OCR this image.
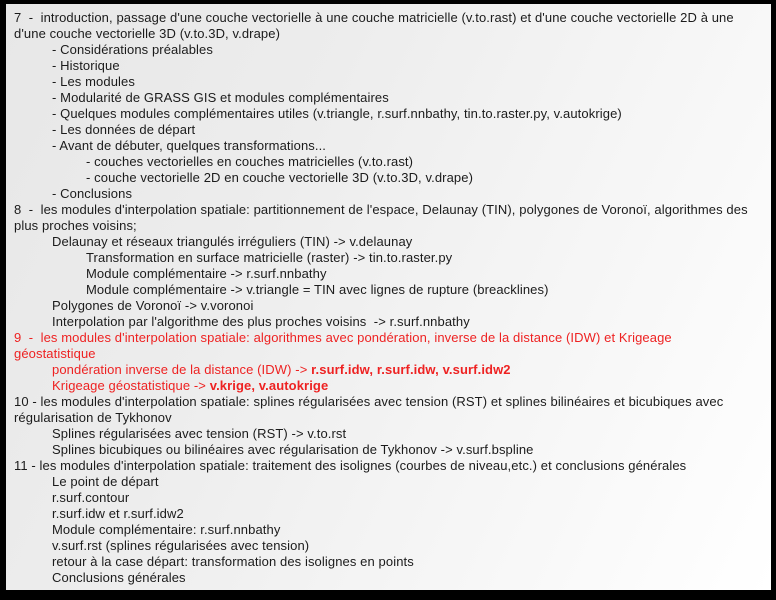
7  -  introduction, passage d'une couche vectorielle à une couche matricielle (v.to.rast) et d'une couche vectorielle 2D à une
d'une couche vectorielle 3D (v.to.3D, v.drape)
- Considérations préalables
- Historique
- Les modules
- Modularité de GRASS GIS et modules complémentaires
- Quelques modules complémentaires utiles (v.triangle, r.surf.nnbathy, tin.to.raster.py, v.autokrige)
- Les données de départ
- Avant de débuter, quelques transformations...
- couches vectorielles en couches matricielles (v.to.rast)
- couche vectorielle 2D en couche vectorielle 3D (v.to.3D, v.drape)
- Conclusions
8  -  les modules d'interpolation spatiale: partitionnement de l'espace, Delaunay (TIN), polygones de Voronoï, algorithmes des
plus proches voisins;
Delaunay et réseaux triangulés irréguliers (TIN) -> v.delaunay
Transformation en surface matricielle (raster) -> tin.to.raster.py
Module complémentaire -> r.surf.nnbathy
Module complémentaire -> v.triangle = TIN avec lignes de rupture (breacklines)
Polygones de Voronoï -> v.voronoi
Interpolation par l'algorithme des plus proches voisins  -> r.surf.nnbathy
9  -  les modules d'interpolation spatiale: algorithmes avec pondération, inverse de la distance (IDW) et Krigeage
géostatistique
pondération inverse de la distance (IDW) -> r.surf.idw, r.surf.idw, v.surf.idw2
Krigeage géostatistique -> v.krige, v.autokrige
10 - les modules d'interpolation spatiale: splines régularisées avec tension (RST) et splines bilinéaires et bicubiques avec
régularisation de Tykhonov
Splines régularisées avec tension (RST) -> v.to.rst
Splines bicubiques ou bilinéaires avec régularisation de Tykhonov -> v.surf.bspline
11 - les modules d'interpolation spatiale: traitement des isolignes (courbes de niveau,etc.) et conclusions générales
Le point de départ
r.surf.contour
r.surf.idw et r.surf.idw2
Module complémentaire: r.surf.nnbathy
v.surf.rst (splines régularisées avec tension)
retour à la case départ: transformation des isolignes en points
Conclusions générales
